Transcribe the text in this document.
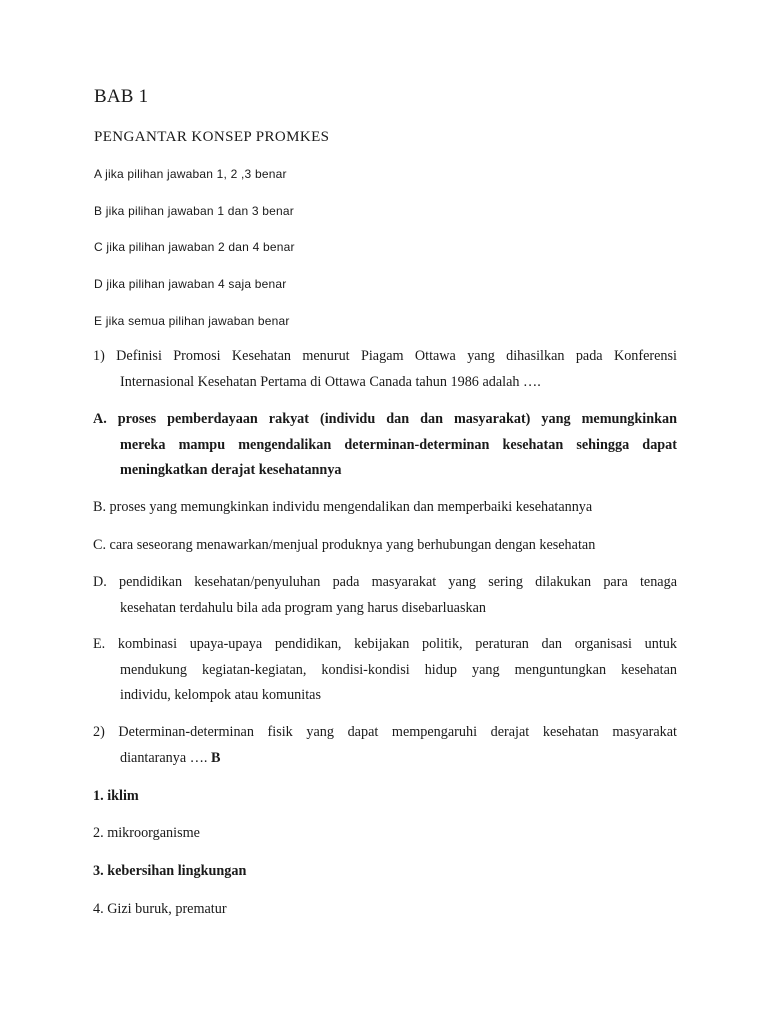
BAB 1
PENGANTAR KONSEP PROMKES
A jika pilihan jawaban 1, 2 ,3 benar
B jika pilihan jawaban 1 dan 3 benar
C jika pilihan jawaban 2 dan 4 benar
D jika pilihan jawaban 4 saja benar
E jika semua pilihan jawaban benar
1) Definisi Promosi Kesehatan menurut Piagam Ottawa yang dihasilkan pada Konferensi
Internasional Kesehatan Pertama di Ottawa Canada tahun 1986 adalah ….
A. proses pemberdayaan rakyat (individu dan dan masyarakat) yang memungkinkan
mereka mampu mengendalikan determinan-determinan kesehatan sehingga dapat
meningkatkan derajat kesehatannya
B. proses yang memungkinkan individu mengendalikan dan memperbaiki kesehatannya
C. cara seseorang menawarkan/menjual produknya yang berhubungan dengan kesehatan
D. pendidikan kesehatan/penyuluhan pada masyarakat yang sering dilakukan para tenaga
kesehatan terdahulu bila ada program yang harus disebarluaskan
E. kombinasi upaya-upaya pendidikan, kebijakan politik, peraturan dan organisasi untuk
mendukung kegiatan-kegiatan, kondisi-kondisi hidup yang menguntungkan kesehatan
individu, kelompok atau komunitas
2) Determinan-determinan fisik yang dapat mempengaruhi derajat kesehatan masyarakat
diantaranya …. B
1. iklim
2. mikroorganisme
3. kebersihan lingkungan
4. Gizi buruk, prematur
